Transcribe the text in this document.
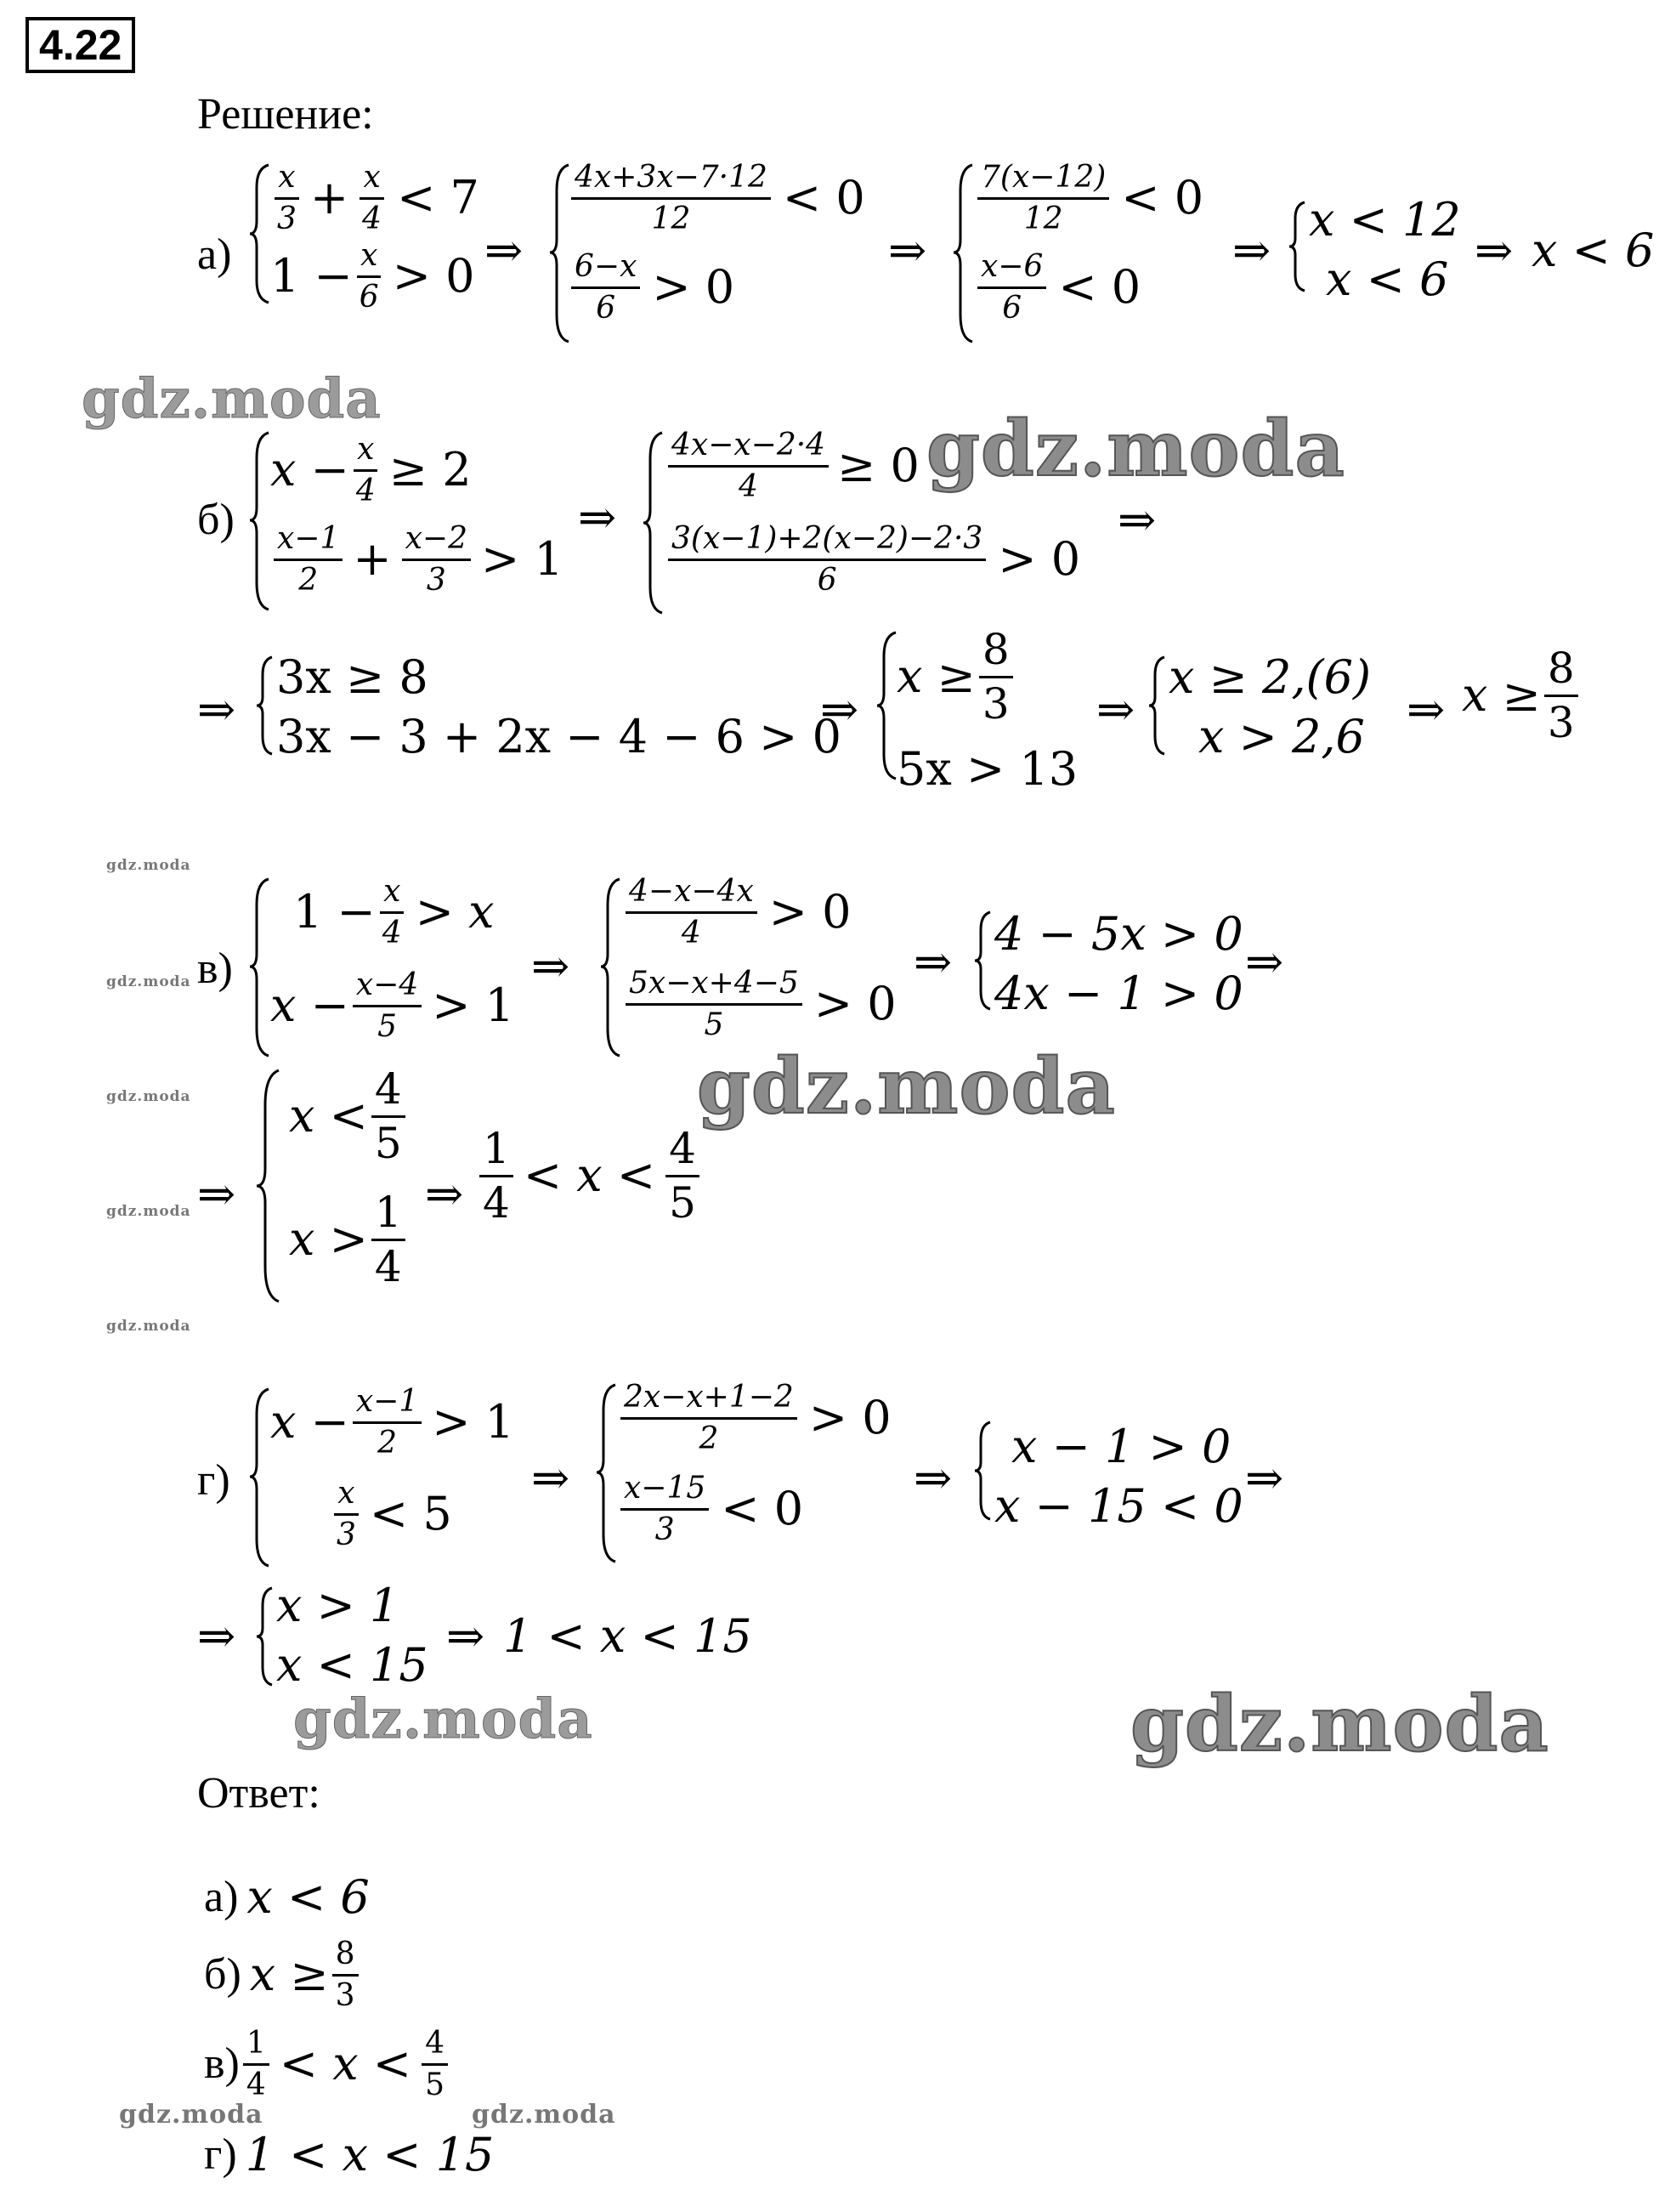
4.22
Решение:
а)
$\frac{x}{3} + \frac{x}{4} < 7$
$1 - \frac{x}{6} > 0$ ⇒
$\frac{4x+3x-7\cdot 12}{12} < 0$
$\frac{6-x}{6} > 0$
⇒
$\frac{7(x-12)}{12} < 0$
$\frac{x-6}{6} < 0$
⇒
x < 12
x < 6
⇒ x < 6
gdz.moda
б)
$x - \frac{x}{4} \ge 2$
$\frac{x-1}{2} + \frac{x-2}{3} > 1$
⇒
$\frac{4x-x-2\cdot 4}{4} \ge 0$
$\frac{3(x-1)+2(x-2)-2\cdot 3}{6} > 0$
⇒
gdz.moda
⇒
3x ≥ 8
3x − 3 + 2x − 4 − 6 > 0
⇒
$x \ge \frac{8}{3}$
5x > 13
⇒
x ≥ 2,(6)
x > 2,6
⇒ $x \ge \frac{8}{3}$
gdz.moda
gdz.moda
gdz.moda
gdz.moda
gdz.moda
в)
$1 - \frac{x}{4} > x$
$x - \frac{x-4}{5} > 1$
⇒
$\frac{4-x-4x}{4} > 0$
$\frac{5x-x+4-5}{5} > 0$
⇒
4 − 5x > 0
4x − 1 > 0
⇒
⇒
$x < \frac{4}{5}$
$x > \frac{1}{4}$ ⇒ $\frac{1}{4} < x < \frac{4}{5}$
gdz.moda
г)
$x - \frac{x-1}{2} > 1$
$\frac{x}{3} < 5$
⇒
$\frac{2x-x+1-2}{2} > 0$
$\frac{x-15}{3} < 0$
⇒
x − 1 > 0
x − 15 < 0
⇒
⇒
x > 1
x < 15
⇒ 1 < x < 15
gdz.moda	gdz.moda
Ответ:
а) x < 6
б) $x \ge \frac{8}{3}$
$в) \frac{1}{4} < x < \frac{4}{5}$
gdz.moda	gdz.moda
г) 1 < x < 15
